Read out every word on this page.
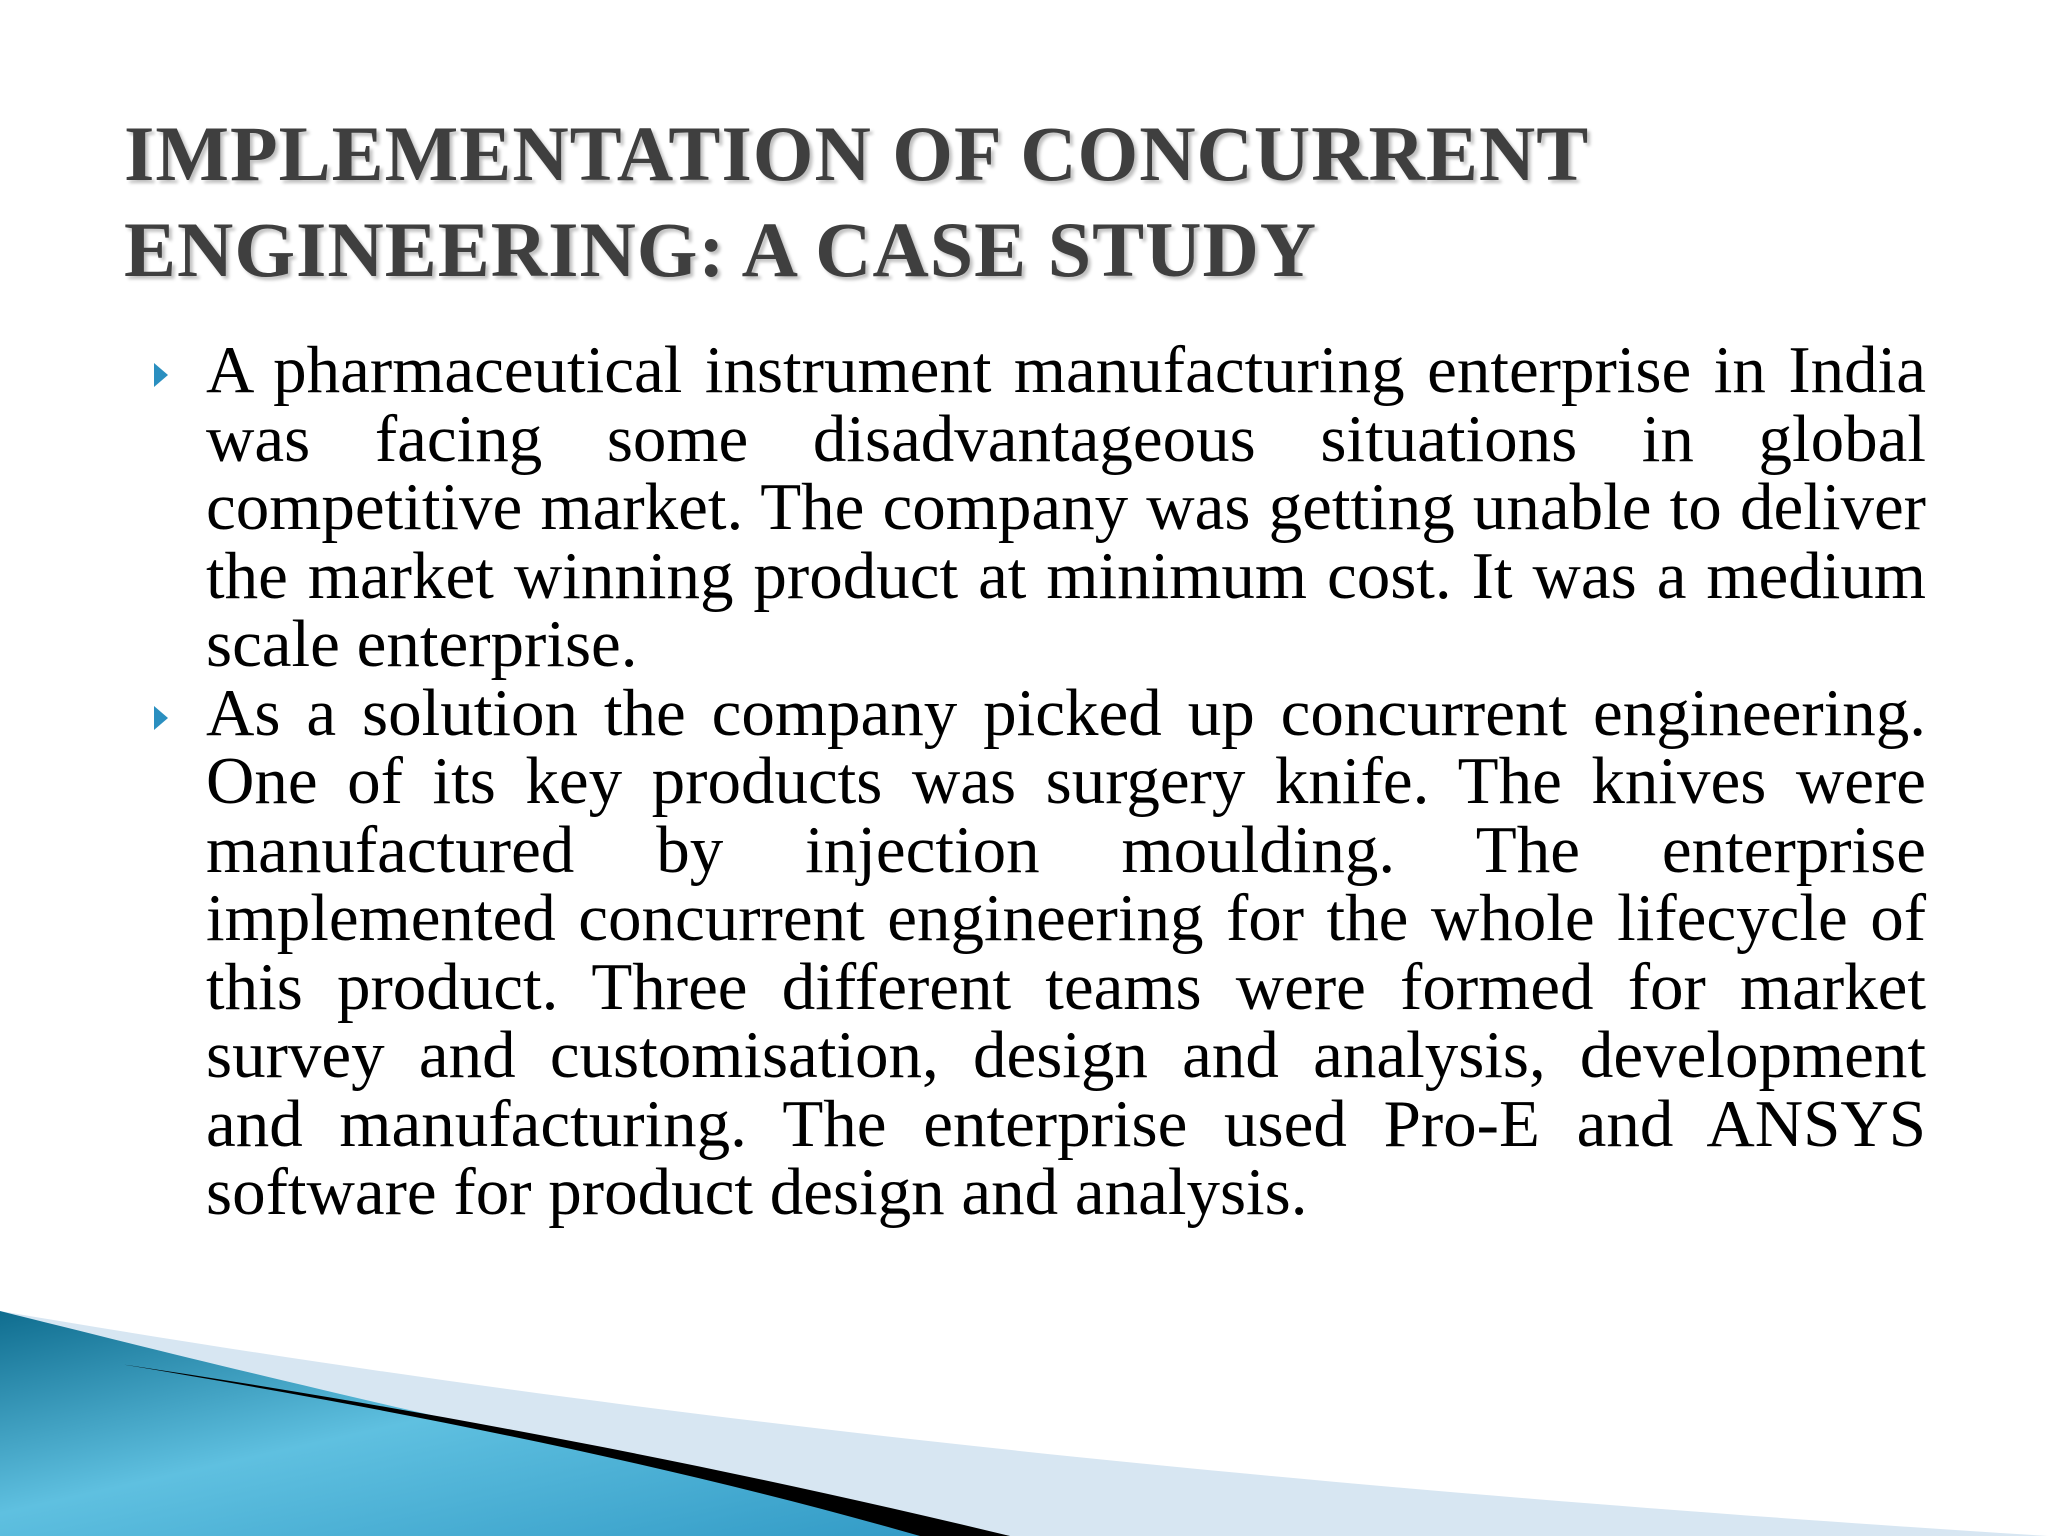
IMPLEMENTATION OF CONCURRENT
ENGINEERING: A CASE STUDY
A pharmaceutical instrument manufacturing enterprise in India was facing some disadvantageous situations in global competitive market. The company was getting unable to deliver the market winning product at minimum cost. It was a medium scale enterprise.
As a solution the company picked up concurrent engineering. One of its key products was surgery knife. The knives were manufactured by injection moulding. The enterprise implemented concurrent engineering for the whole lifecycle of this product. Three different teams were formed for market survey and customisation, design and analysis, development and manufacturing. The enterprise used Pro-E and ANSYS software for product design and analysis.
